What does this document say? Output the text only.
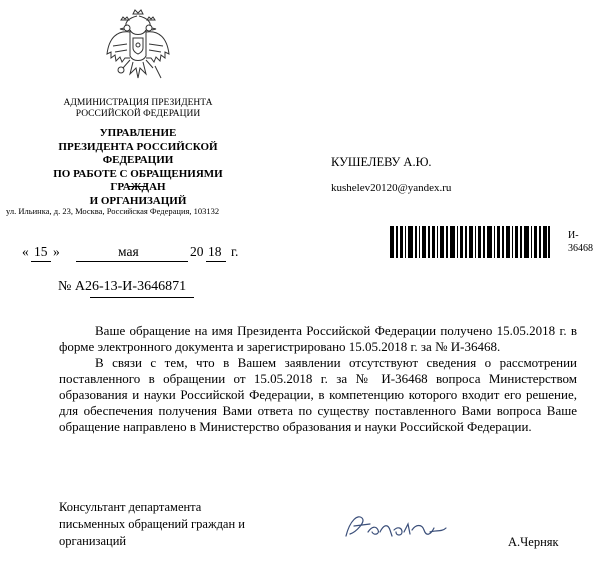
АДМИНИСТРАЦИЯ ПРЕЗИДЕНТА
РОССИЙСКОЙ ФЕДЕРАЦИИ
УПРАВЛЕНИЕ
ПРЕЗИДЕНТА РОССИЙСКОЙ ФЕДЕРАЦИИ
ПО РАБОТЕ С ОБРАЩЕНИЯМИ ГРАЖДАН
И ОРГАНИЗАЦИЙ
ул. Ильинка, д. 23, Москва, Российская Федерация, 103132
КУШЕЛЕВУ А.Ю.
kushelev20120@yandex.ru
И-
36468
« 15 »	мая	20 18 г.
№ А26-13-И-3646871

Ваше обращение на имя Президента Российской Федерации получено 15.05.2018 г. в форме электронного документа и зарегистрировано 15.05.2018 г. за № И-36468.

В связи с тем, что в Вашем заявлении отсутствуют сведения о рассмотрении поставленного в обращении от 15.05.2018 г. за № И-36468 вопроса Министерством образования и науки Российской Федерации, в компетенцию которого входит его решение, для обеспечения получения Вами ответа по существу поставленного Вами вопроса Ваше обращение направлено в Министерство образования и науки Российской Федерации.

Консультант департамента
письменных обращений граждан и
организаций	А.Черняк
